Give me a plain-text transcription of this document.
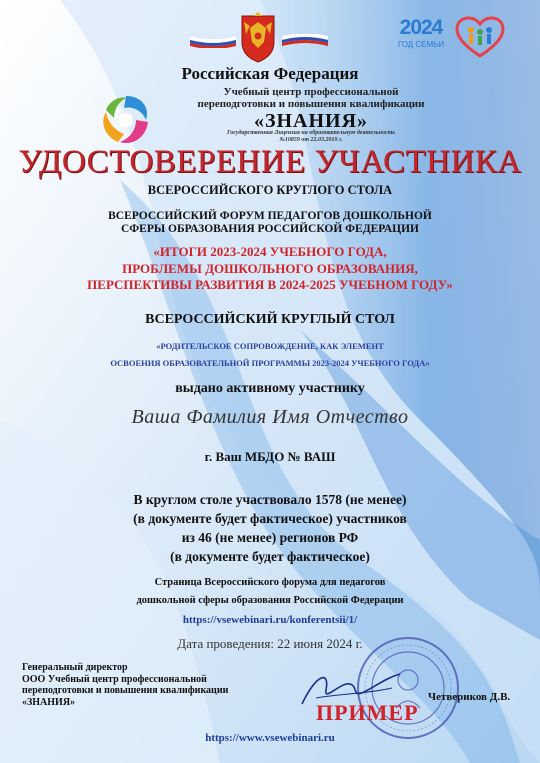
2024
ГОД СЕМЬИ
Российская Федерация
Учебный центр профессиональной
переподготовки и повышения квалификации
«ЗНАНИЯ»
Государственная Лицензия на образовательную деятельность
№10859 от 22.03.2019 г.
УДОСТОВЕРЕНИЕ УЧАСТНИКА
ВСЕРОССИЙСКОГО КРУГЛОГО СТОЛА
ВСЕРОССИЙСКИЙ ФОРУМ ПЕДАГОГОВ ДОШКОЛЬНОЙ
СФЕРЫ ОБРАЗОВАНИЯ РОССИЙСКОЙ ФЕДЕРАЦИИ
«ИТОГИ 2023-2024 УЧЕБНОГО ГОДА,
ПРОБЛЕМЫ ДОШКОЛЬНОГО ОБРАЗОВАНИЯ,
ПЕРСПЕКТИВЫ РАЗВИТИЯ В 2024-2025 УЧЕБНОМ ГОДУ»
ВСЕРОССИЙСКИЙ КРУГЛЫЙ СТОЛ
«РОДИТЕЛЬСКОЕ СОПРОВОЖДЕНИЕ, КАК ЭЛЕМЕНТ
ОСВОЕНИЯ ОБРАЗОВАТЕЛЬНОЙ ПРОГРАММЫ 2023-2024 УЧЕБНОГО ГОДА»
выдано активному участнику
Ваша Фамилия Имя Отчество
г. Ваш МБДО № ВАШ
В круглом столе участвовало 1578 (не менее)
(в документе будет фактическое) участников
из 46 (не менее) регионов РФ
(в документе будет фактическое)
Страница Всероссийского форума для педагогов
дошкольной сферы образования Российской Федерации
https://vsewebinari.ru/konferentsii/1/
Дата проведения: 22 июня 2024 г.
Генеральный директор
ООО Учебный центр профессиональной
переподготовки и повышения квалификации
«ЗНАНИЯ»	ПРИМЕР
Четвериков Д.В.
https://www.vsewebinari.ru
